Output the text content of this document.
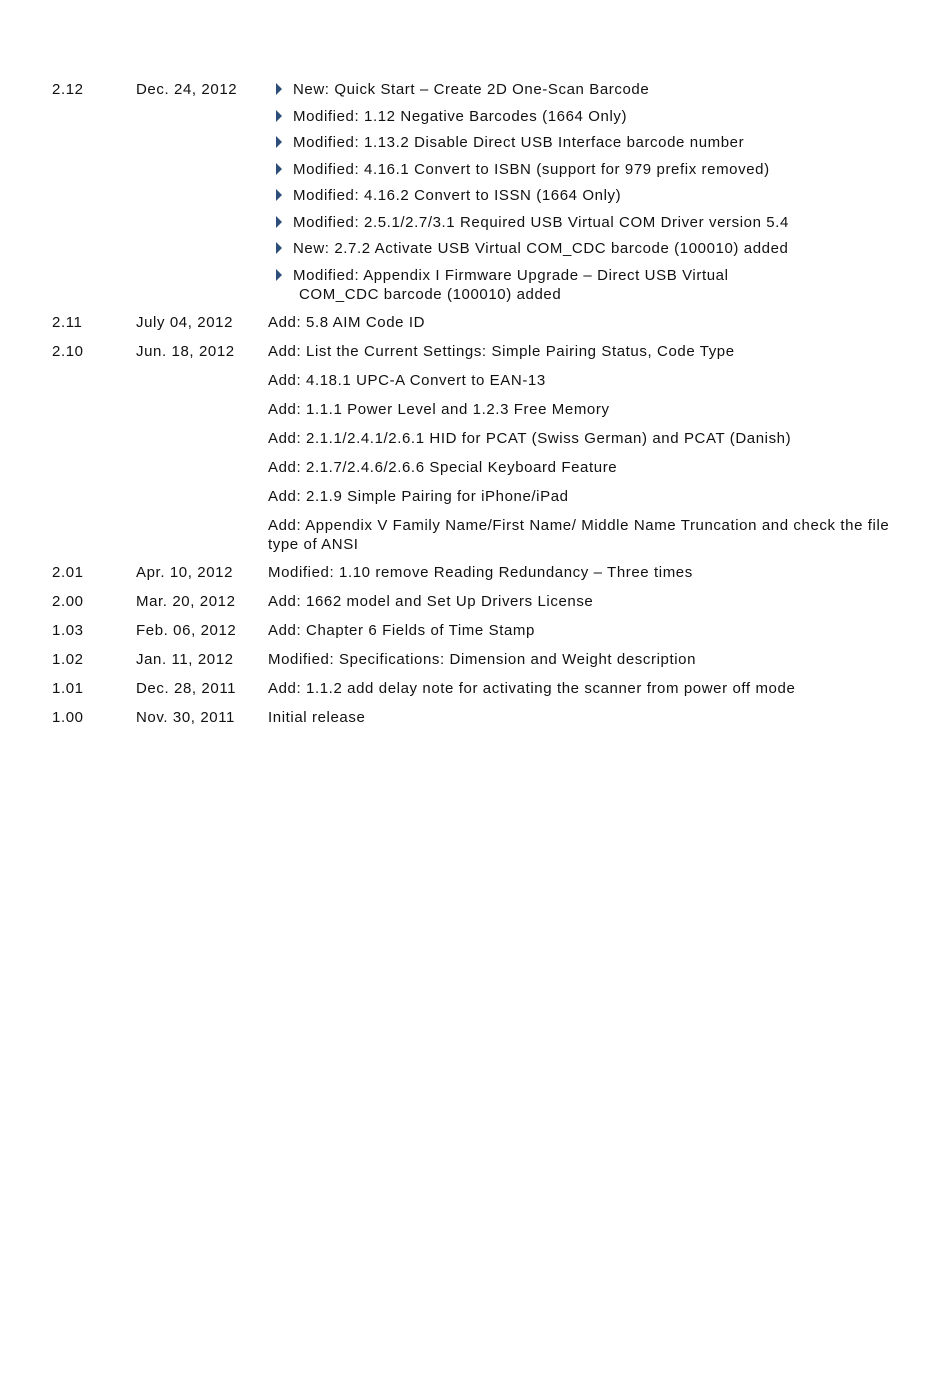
2.12	Dec. 24, 2012	New: Quick Start – Create 2D One-Scan Barcode
Modified: 1.12 Negative Barcodes (1664 Only)
Modified: 1.13.2 Disable Direct USB Interface barcode number
Modified: 4.16.1 Convert to ISBN (support for 979 prefix removed)
Modified: 4.16.2 Convert to ISSN (1664 Only)
Modified: 2.5.1/2.7/3.1 Required USB Virtual COM Driver version 5.4
New: 2.7.2 Activate USB Virtual COM_CDC barcode (100010) added
Modified: Appendix I Firmware Upgrade – Direct USB Virtual
COM_CDC barcode (100010) added
2.11	July 04, 2012	Add: 5.8 AIM Code ID
2.10	Jun. 18, 2012	Add: List the Current Settings: Simple Pairing Status, Code Type
Add: 4.18.1 UPC-A Convert to EAN-13
Add: 1.1.1 Power Level and 1.2.3 Free Memory
Add: 2.1.1/2.4.1/2.6.1 HID for PCAT (Swiss German) and PCAT (Danish)
Add: 2.1.7/2.4.6/2.6.6 Special Keyboard Feature
Add: 2.1.9 Simple Pairing for iPhone/iPad
Add: Appendix V Family Name/First Name/ Middle Name Truncation and check the file type of ANSI
2.01	Apr. 10, 2012	Modified: 1.10 remove Reading Redundancy – Three times
2.00	Mar. 20, 2012	Add: 1662 model and Set Up Drivers License
1.03	Feb. 06, 2012	Add: Chapter 6 Fields of Time Stamp
1.02	Jan. 11, 2012	Modified: Specifications: Dimension and Weight description
1.01	Dec. 28, 2011	Add: 1.1.2 add delay note for activating the scanner from power off mode
1.00	Nov. 30, 2011	Initial release
